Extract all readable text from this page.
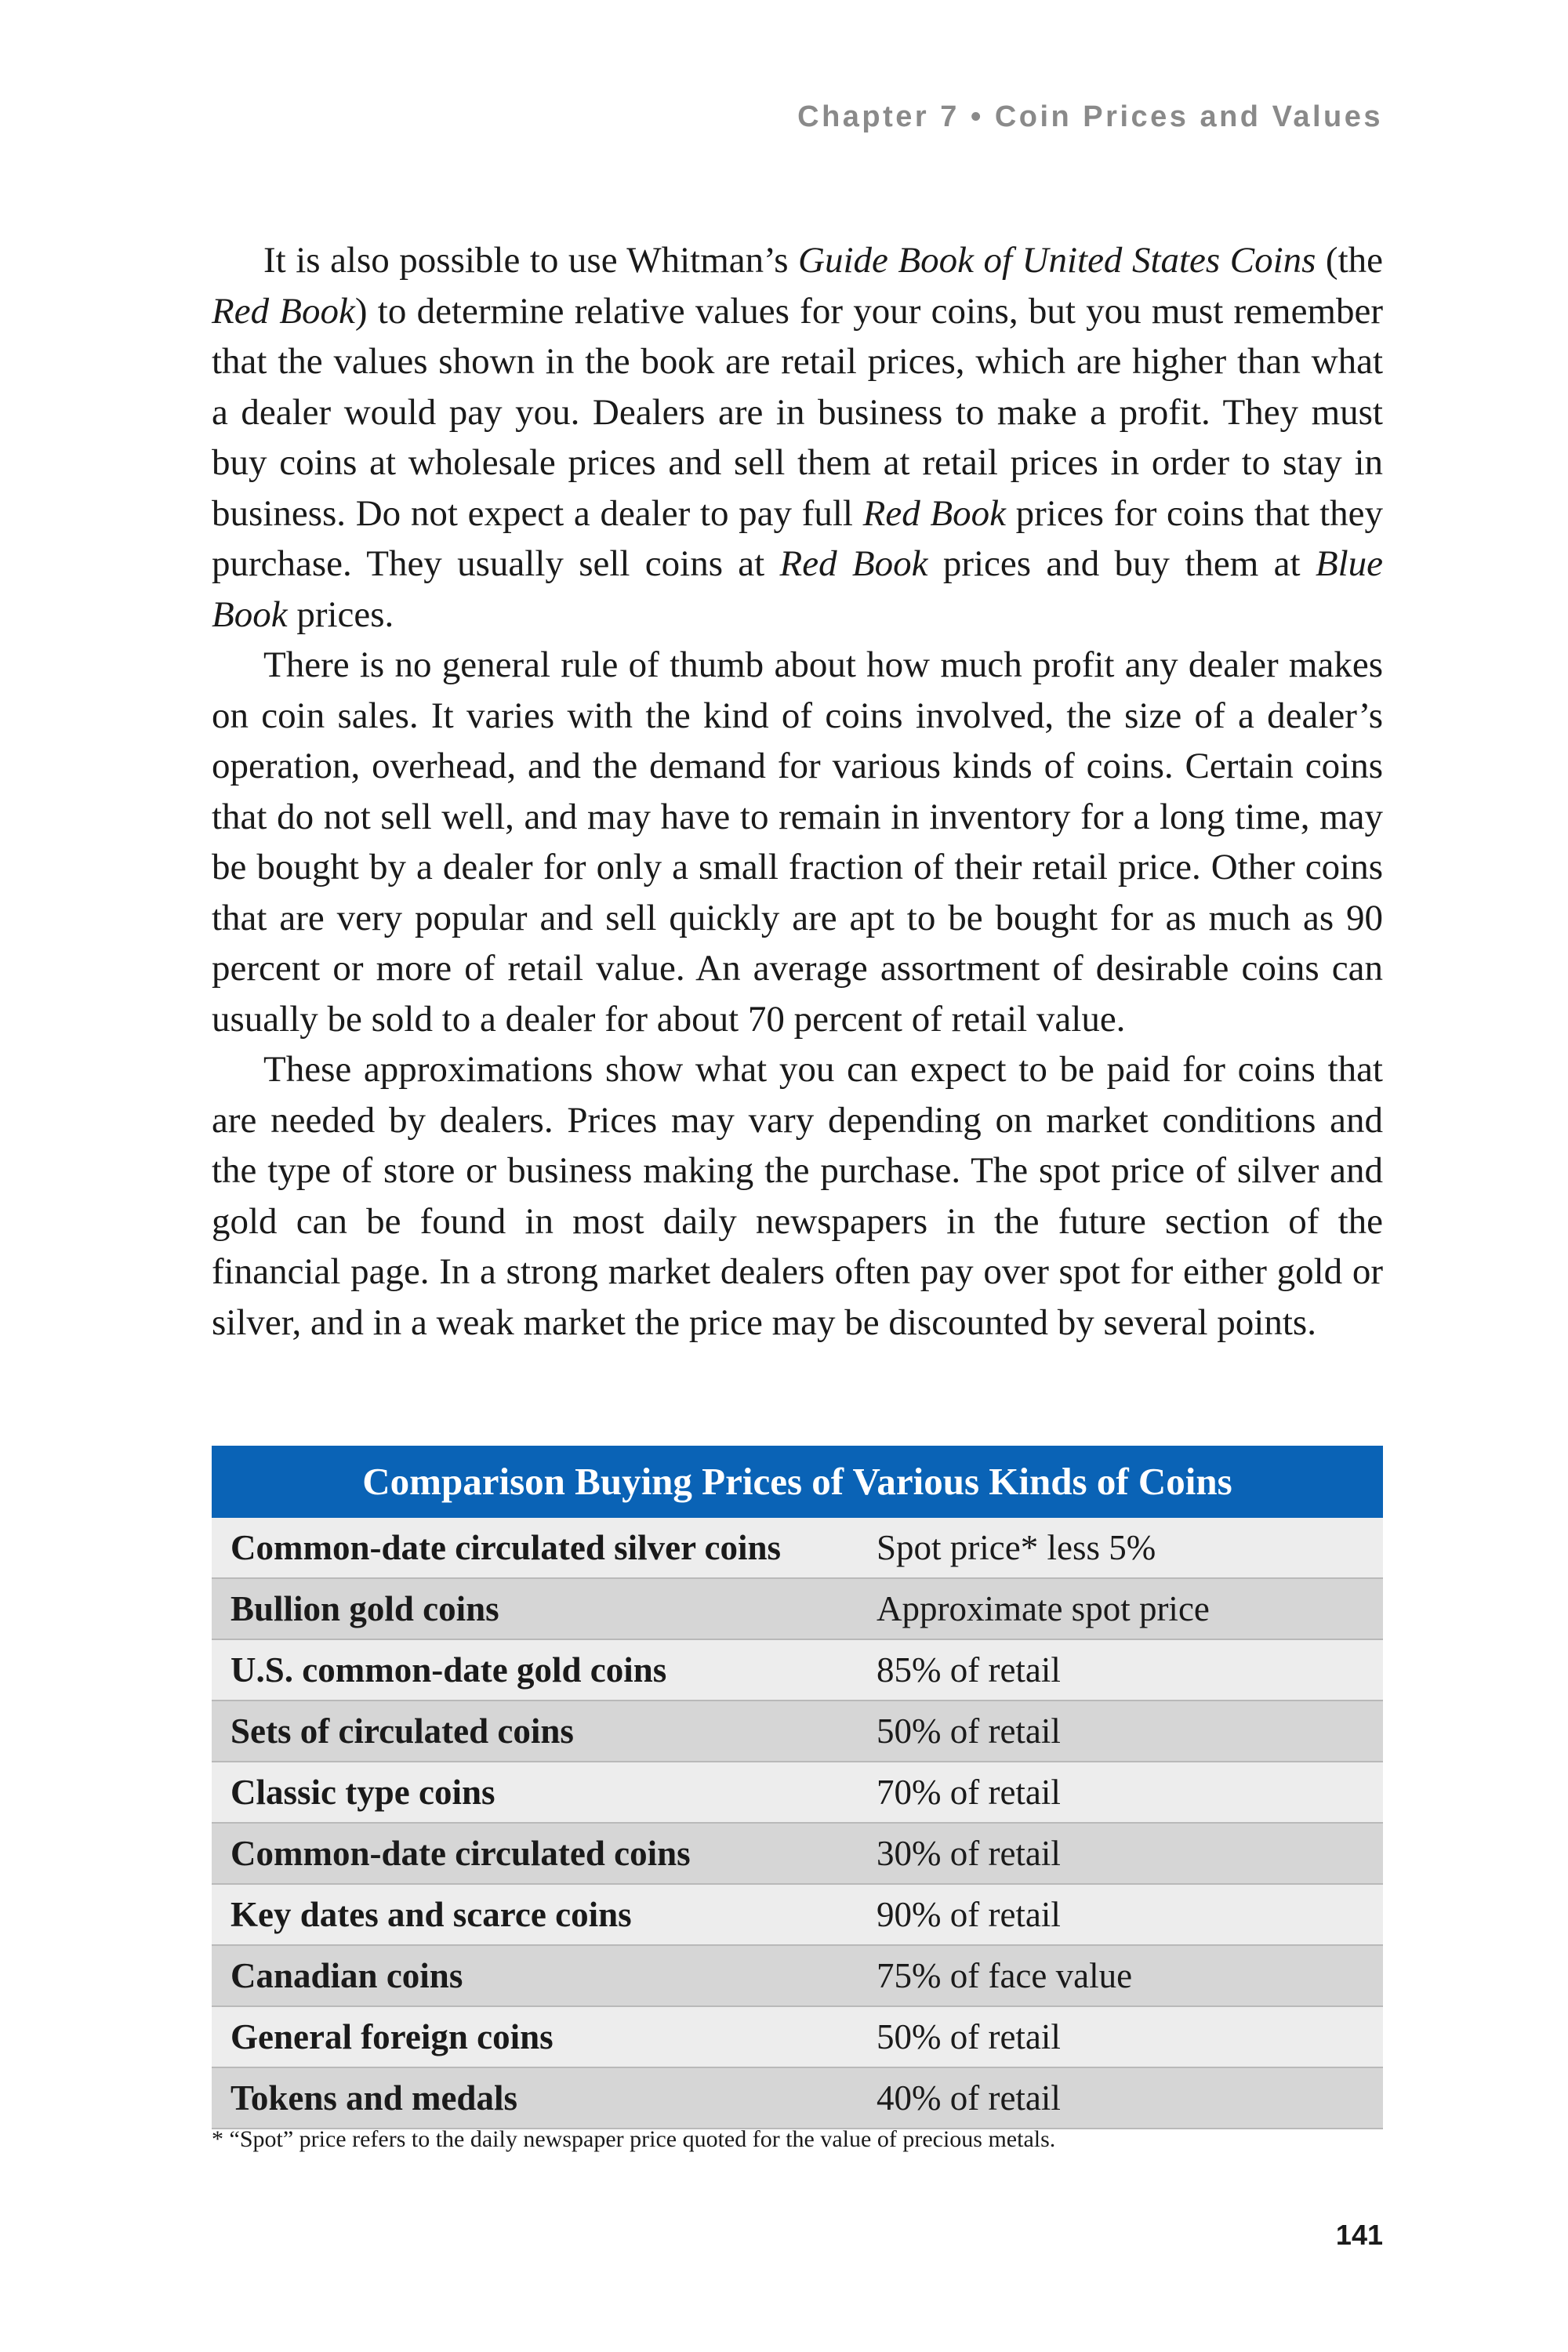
Chapter 7 • Coin Prices and Values

It is also possible to use Whitman’s Guide Book of United States Coins (the Red Book) to determine relative values for your coins, but you must remember that the values shown in the book are retail prices, which are higher than what a dealer would pay you. Dealers are in business to make a profit. They must buy coins at wholesale prices and sell them at retail prices in order to stay in business. Do not expect a dealer to pay full Red Book prices for coins that they purchase. They usually sell coins at Red Book prices and buy them at Blue Book prices.

There is no general rule of thumb about how much profit any dealer makes on coin sales. It varies with the kind of coins involved, the size of a dealer’s operation, overhead, and the demand for various kinds of coins. Certain coins that do not sell well, and may have to remain in inventory for a long time, may be bought by a dealer for only a small fraction of their retail price. Other coins that are very popular and sell quickly are apt to be bought for as much as 90 percent or more of retail value. An average assortment of desirable coins can usually be sold to a dealer for about 70 percent of retail value.

These approximations show what you can expect to be paid for coins that are needed by dealers. Prices may vary depending on market conditions and the type of store or business making the purchase. The spot price of silver and gold can be found in most daily newspapers in the future section of the financial page. In a strong market dealers often pay over spot for either gold or silver, and in a weak market the price may be discounted by several points.

Comparison Buying Prices of Various Kinds of Coins
Common-date circulated silver coins	Spot price* less 5%
Bullion gold coins	Approximate spot price
U.S. common-date gold coins	85% of retail
Sets of circulated coins	50% of retail
Classic type coins	70% of retail
Common-date circulated coins	30% of retail
Key dates and scarce coins	90% of retail
Canadian coins	75% of face value
General foreign coins	50% of retail
Tokens and medals	40% of retail
* “Spot” price refers to the daily newspaper price quoted for the value of precious metals.
141
